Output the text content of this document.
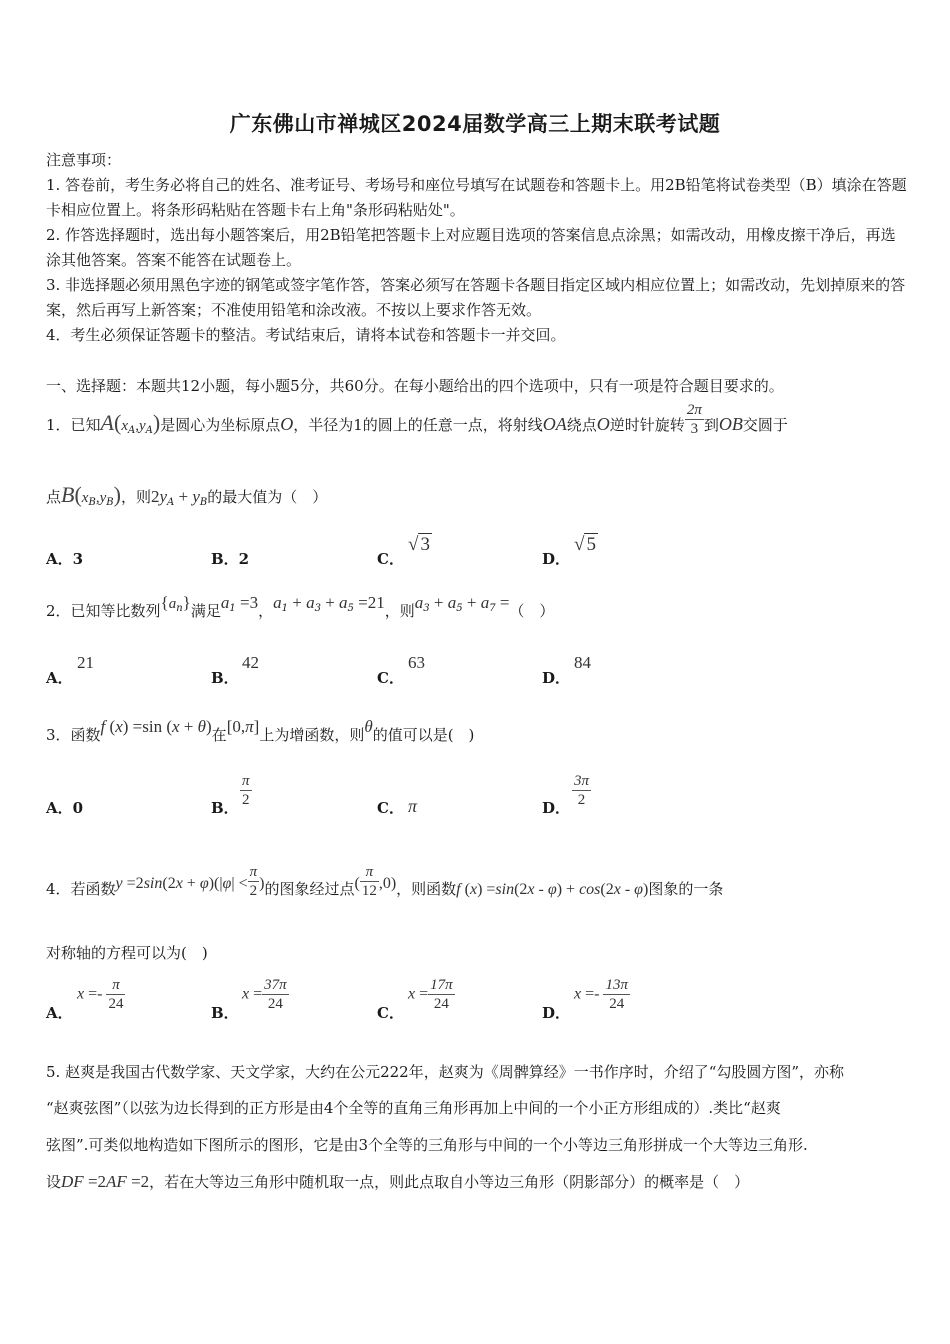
广东佛山市禅城区2024届数学高三上期末联考试题
注意事项：
1. 答卷前，考生务必将自己的姓名、准考证号、考场号和座位号填写在试题卷和答题卡上。用2B铅笔将试卷类型（B）填涂在答题卡相应位置上。将条形码粘贴在答题卡右上角"条形码粘贴处"。
2. 作答选择题时，选出每小题答案后，用2B铅笔把答题卡上对应题目选项的答案信息点涂黑；如需改动，用橡皮擦干净后，再选涂其他答案。答案不能答在试题卷上。
3. 非选择题必须用黑色字迹的钢笔或签字笔作答，答案必须写在答题卡各题目指定区域内相应位置上；如需改动，先划掉原来的答案，然后再写上新答案；不准使用铅笔和涂改液。不按以上要求作答无效。
4．考生必须保证答题卡的整洁。考试结束后，请将本试卷和答题卡一并交回。
一、选择题：本题共12小题，每小题5分，共60分。在每小题给出的四个选项中，只有一项是符合题目要求的。
1．已知$A(x_A,y_A)$是圆心为坐标原点O，半径为1的圆上的任意一点，将射线OA绕点O逆时针旋转 $\frac{2\pi}{3}$ 到OB交圆于
点$B(x_B,y_B)$，则$2y_A + y_B$的最大值为（　）
A．3	B．2	C．
√ 3
D．
√ 5
2．已知等比数列$\{a^n\}$满足$a^1 =3$，$a^1 + a^3 + a^5 =21$，则$a^3 + a^5 + a^7$ =（　）
A．
21
B．
42
C．
63
D．
84
3．函数f (x) =sin (x + θ)在[0,π]上为增函数，则θ的值可以是(　)
A．0	B． $\frac{\pi}{2}$	C． π	D． $\frac{3\pi}{2}$
4．若函数$y =2\sin(2x + \varphi)(|\varphi| < \frac{\pi}{2}$ )的图象经过点( $\frac{\pi}{12} ,0$)，则函数f (x) =sin(2x - φ) + cos(2x - φ)图象的一条
对称轴的方程可以为(　)
A．
$x =- \frac{\pi}{24}$	B．
$x = \frac{37\pi}{24}$	C．
$x = \frac{17\pi}{24}$	D．
$x =- \frac{13\pi}{24}$
5. 赵爽是我国古代数学家、天文学家，大约在公元222年，赵爽为《周髀算经》一书作序时，介绍了“勾股圆方图”，亦称
“赵爽弦图”（以弦为边长得到的正方形是由4个全等的直角三角形再加上中间的一个小正方形组成的）.类比“赵爽
弦图”.可类似地构造如下图所示的图形，它是由3个全等的三角形与中间的一个小等边三角形拼成一个大等边三角形.
设DF =2AF =2，若在大等边三角形中随机取一点，则此点取自小等边三角形（阴影部分）的概率是（　）
